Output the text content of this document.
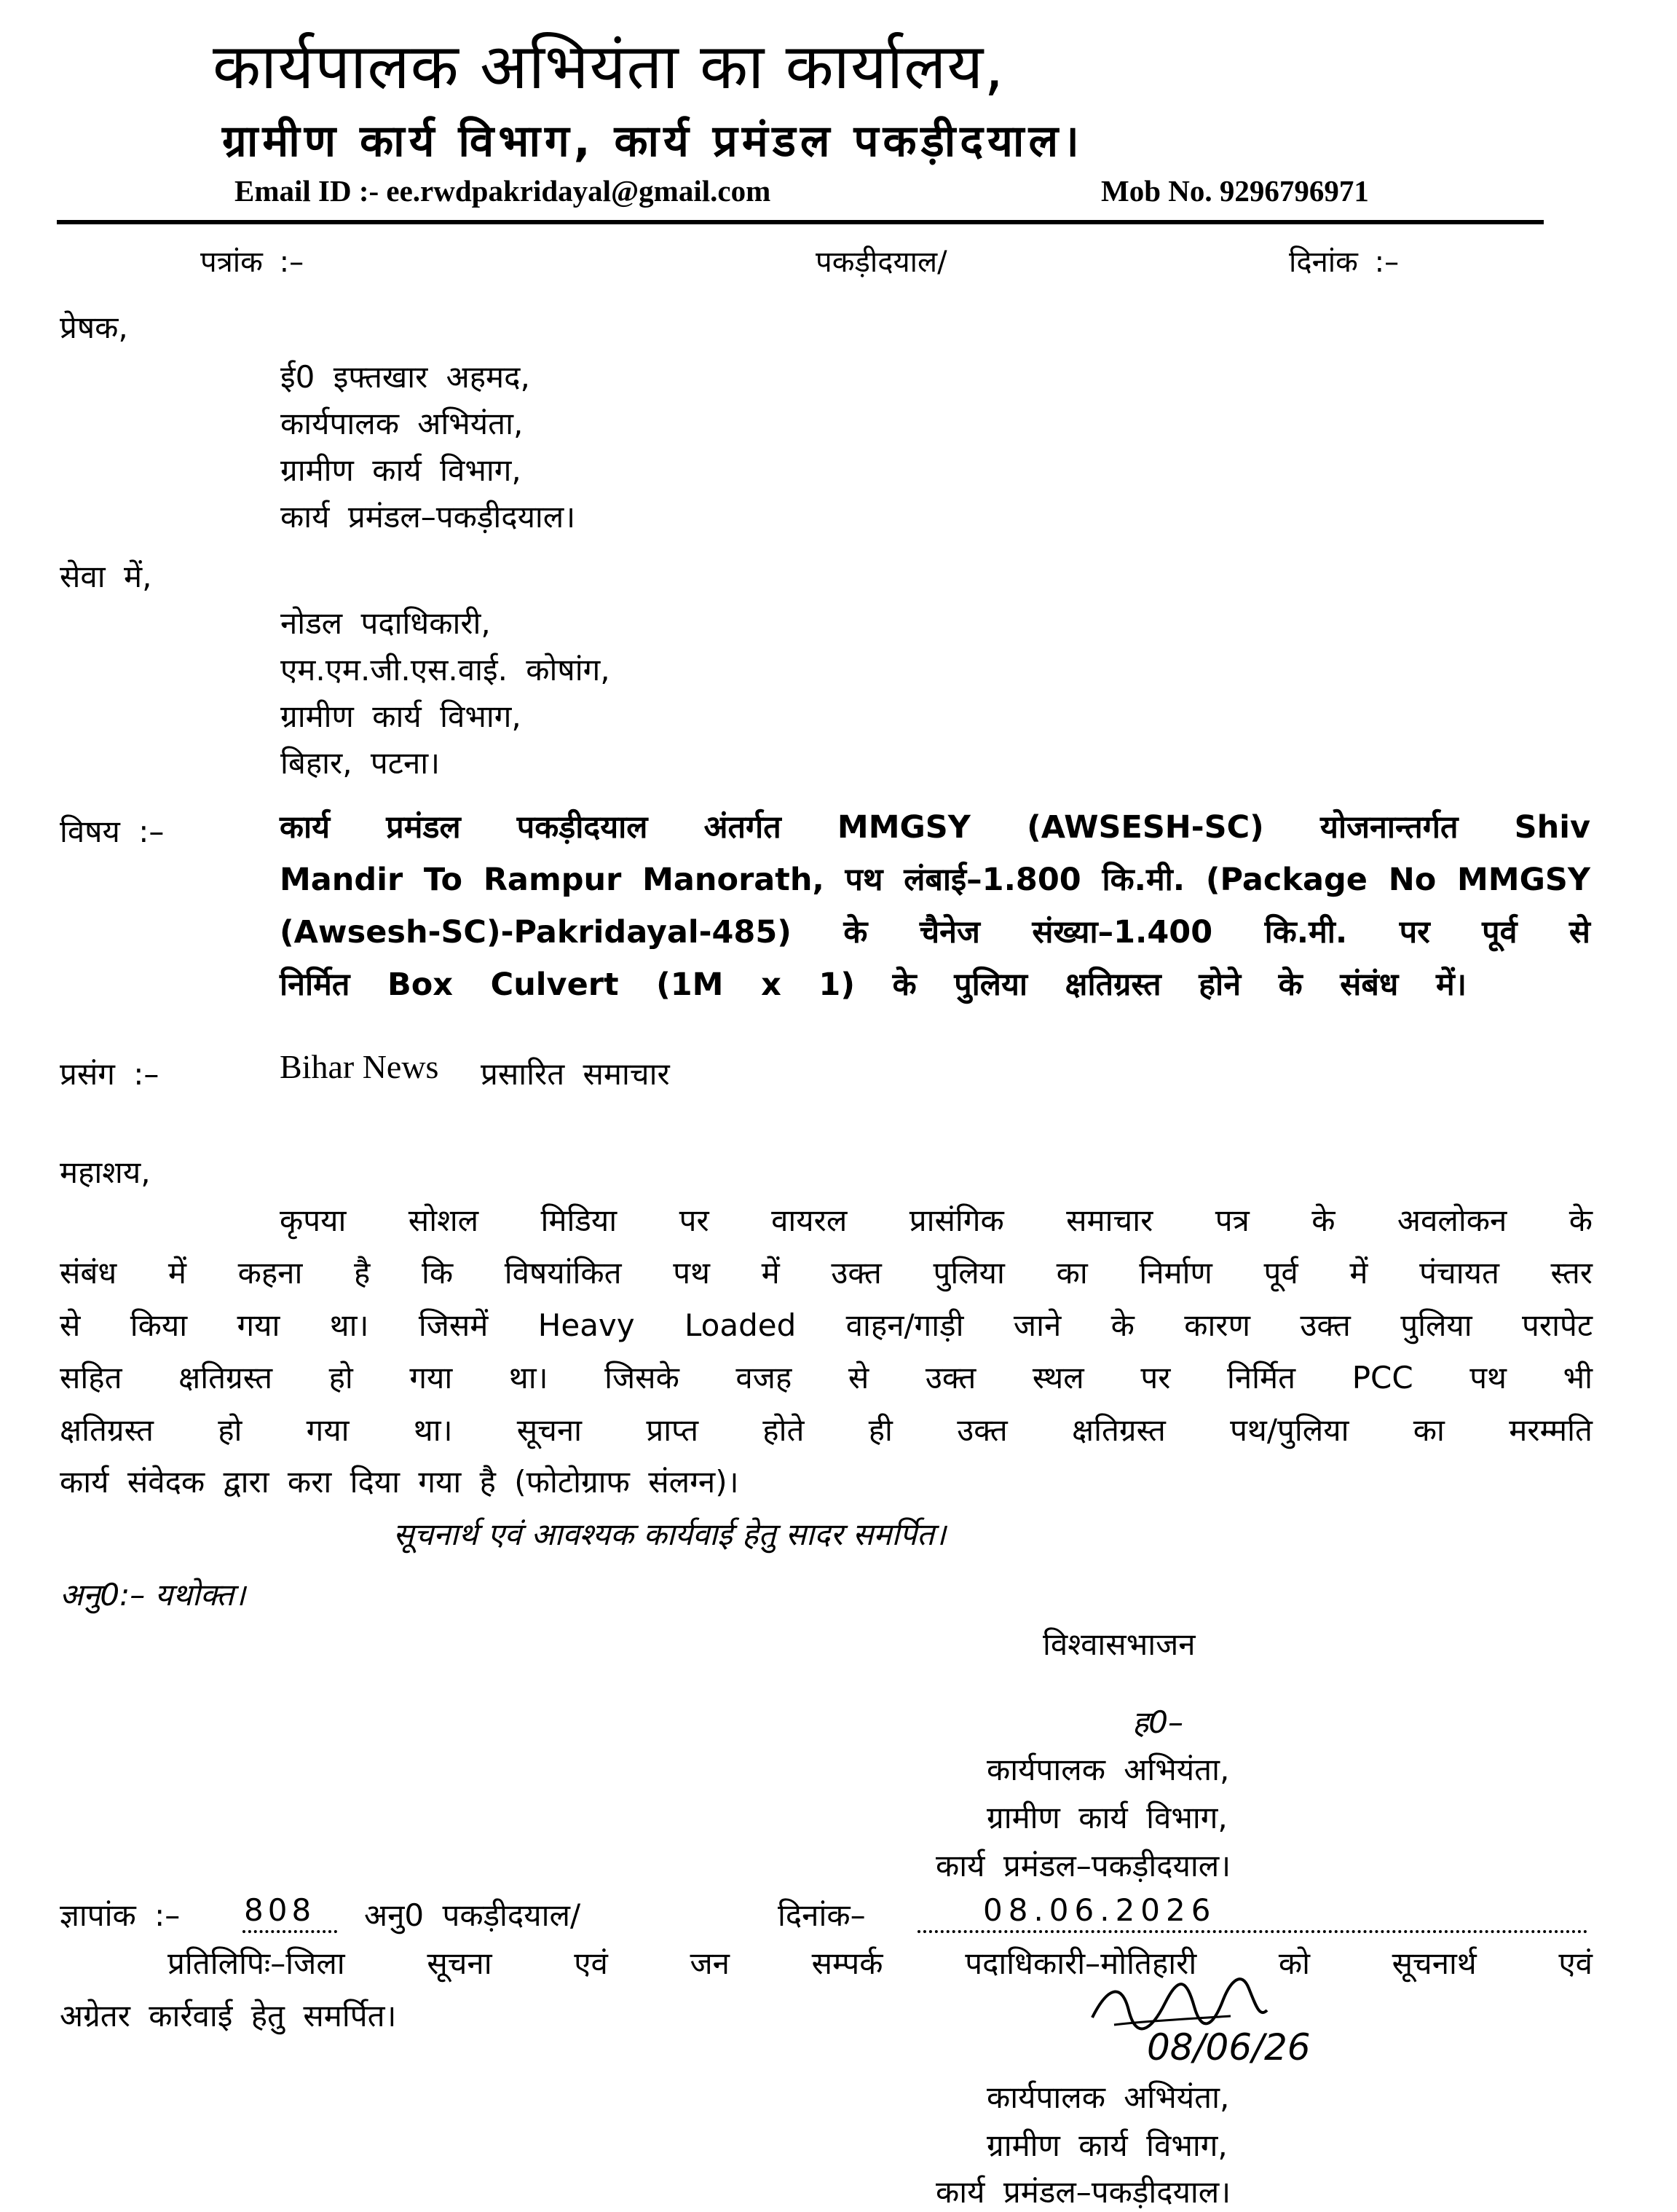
कार्यपालक अभियंता का कार्यालय,
ग्रामीण कार्य विभाग, कार्य प्रमंडल पकड़ीदयाल।
Email ID :- ee.rwdpakridayal@gmail.com	Mob No. 9296796971
पत्रांक :–	पकड़ीदयाल/	दिनांक :–
प्रेषक,
ई0 इफ्तखार अहमद,
कार्यपालक अभियंता,
ग्रामीण कार्य विभाग,
कार्य प्रमंडल–पकड़ीदयाल।
सेवा में,
नोडल पदाधिकारी,
एम.एम.जी.एस.वाई. कोषांग,
ग्रामीण कार्य विभाग,
बिहार, पटना।
विषय :–	कार्य प्रमंडल पकड़ीदयाल अंतर्गत MMGSY (AWSESH-SC) योजनान्तर्गत Shiv
Mandir To Rampur Manorath, पथ लंबाई–1.800 कि.मी. (Package No MMGSY
(Awsesh-SC)-Pakridayal-485) के चैनेज संख्या–1.400 कि.मी. पर पूर्व से
निर्मित Box Culvert (1M x 1) के पुलिया क्षतिग्रस्त होने के संबंध में।
प्रसंग :–	Bihar News प्रसारित समाचार
महाशय,
कृपया सोशल मिडिया पर वायरल प्रासंगिक समाचार पत्र के अवलोकन के
संबंध में कहना है कि विषयांकित पथ में उक्त पुलिया का निर्माण पूर्व में पंचायत स्तर
से किया गया था। जिसमें Heavy Loaded वाहन/गाड़ी जाने के कारण उक्त पुलिया परापेट
सहित क्षतिग्रस्त हो गया था। जिसके वजह से उक्त स्थल पर निर्मित PCC पथ भी
क्षतिग्रस्त हो गया था। सूचना प्राप्त होते ही उक्त क्षतिग्रस्त पथ/पुलिया का मरम्मति
कार्य संवेदक द्वारा करा दिया गया है (फोटोग्राफ संलग्न)।
सूचनार्थ एवं आवश्यक कार्यवाई हेतु सादर समर्पित।
अनु0:– यथोक्त।
विश्वासभाजन
ह0–
कार्यपालक अभियंता,
ग्रामीण कार्य विभाग,
कार्य प्रमंडल–पकड़ीदयाल।
ज्ञापांक :– 808 अनु0 पकड़ीदयाल/	दिनांक–	08.06.2026
प्रतिलिपिः–जिला सूचना एवं जन सम्पर्क पदाधिकारी–मोतिहारी को सूचनार्थ एवं
अग्रेतर कार्रवाई हेतु समर्पित।
08/06/26
कार्यपालक अभियंता,
ग्रामीण कार्य विभाग,
कार्य प्रमंडल–पकड़ीदयाल।
